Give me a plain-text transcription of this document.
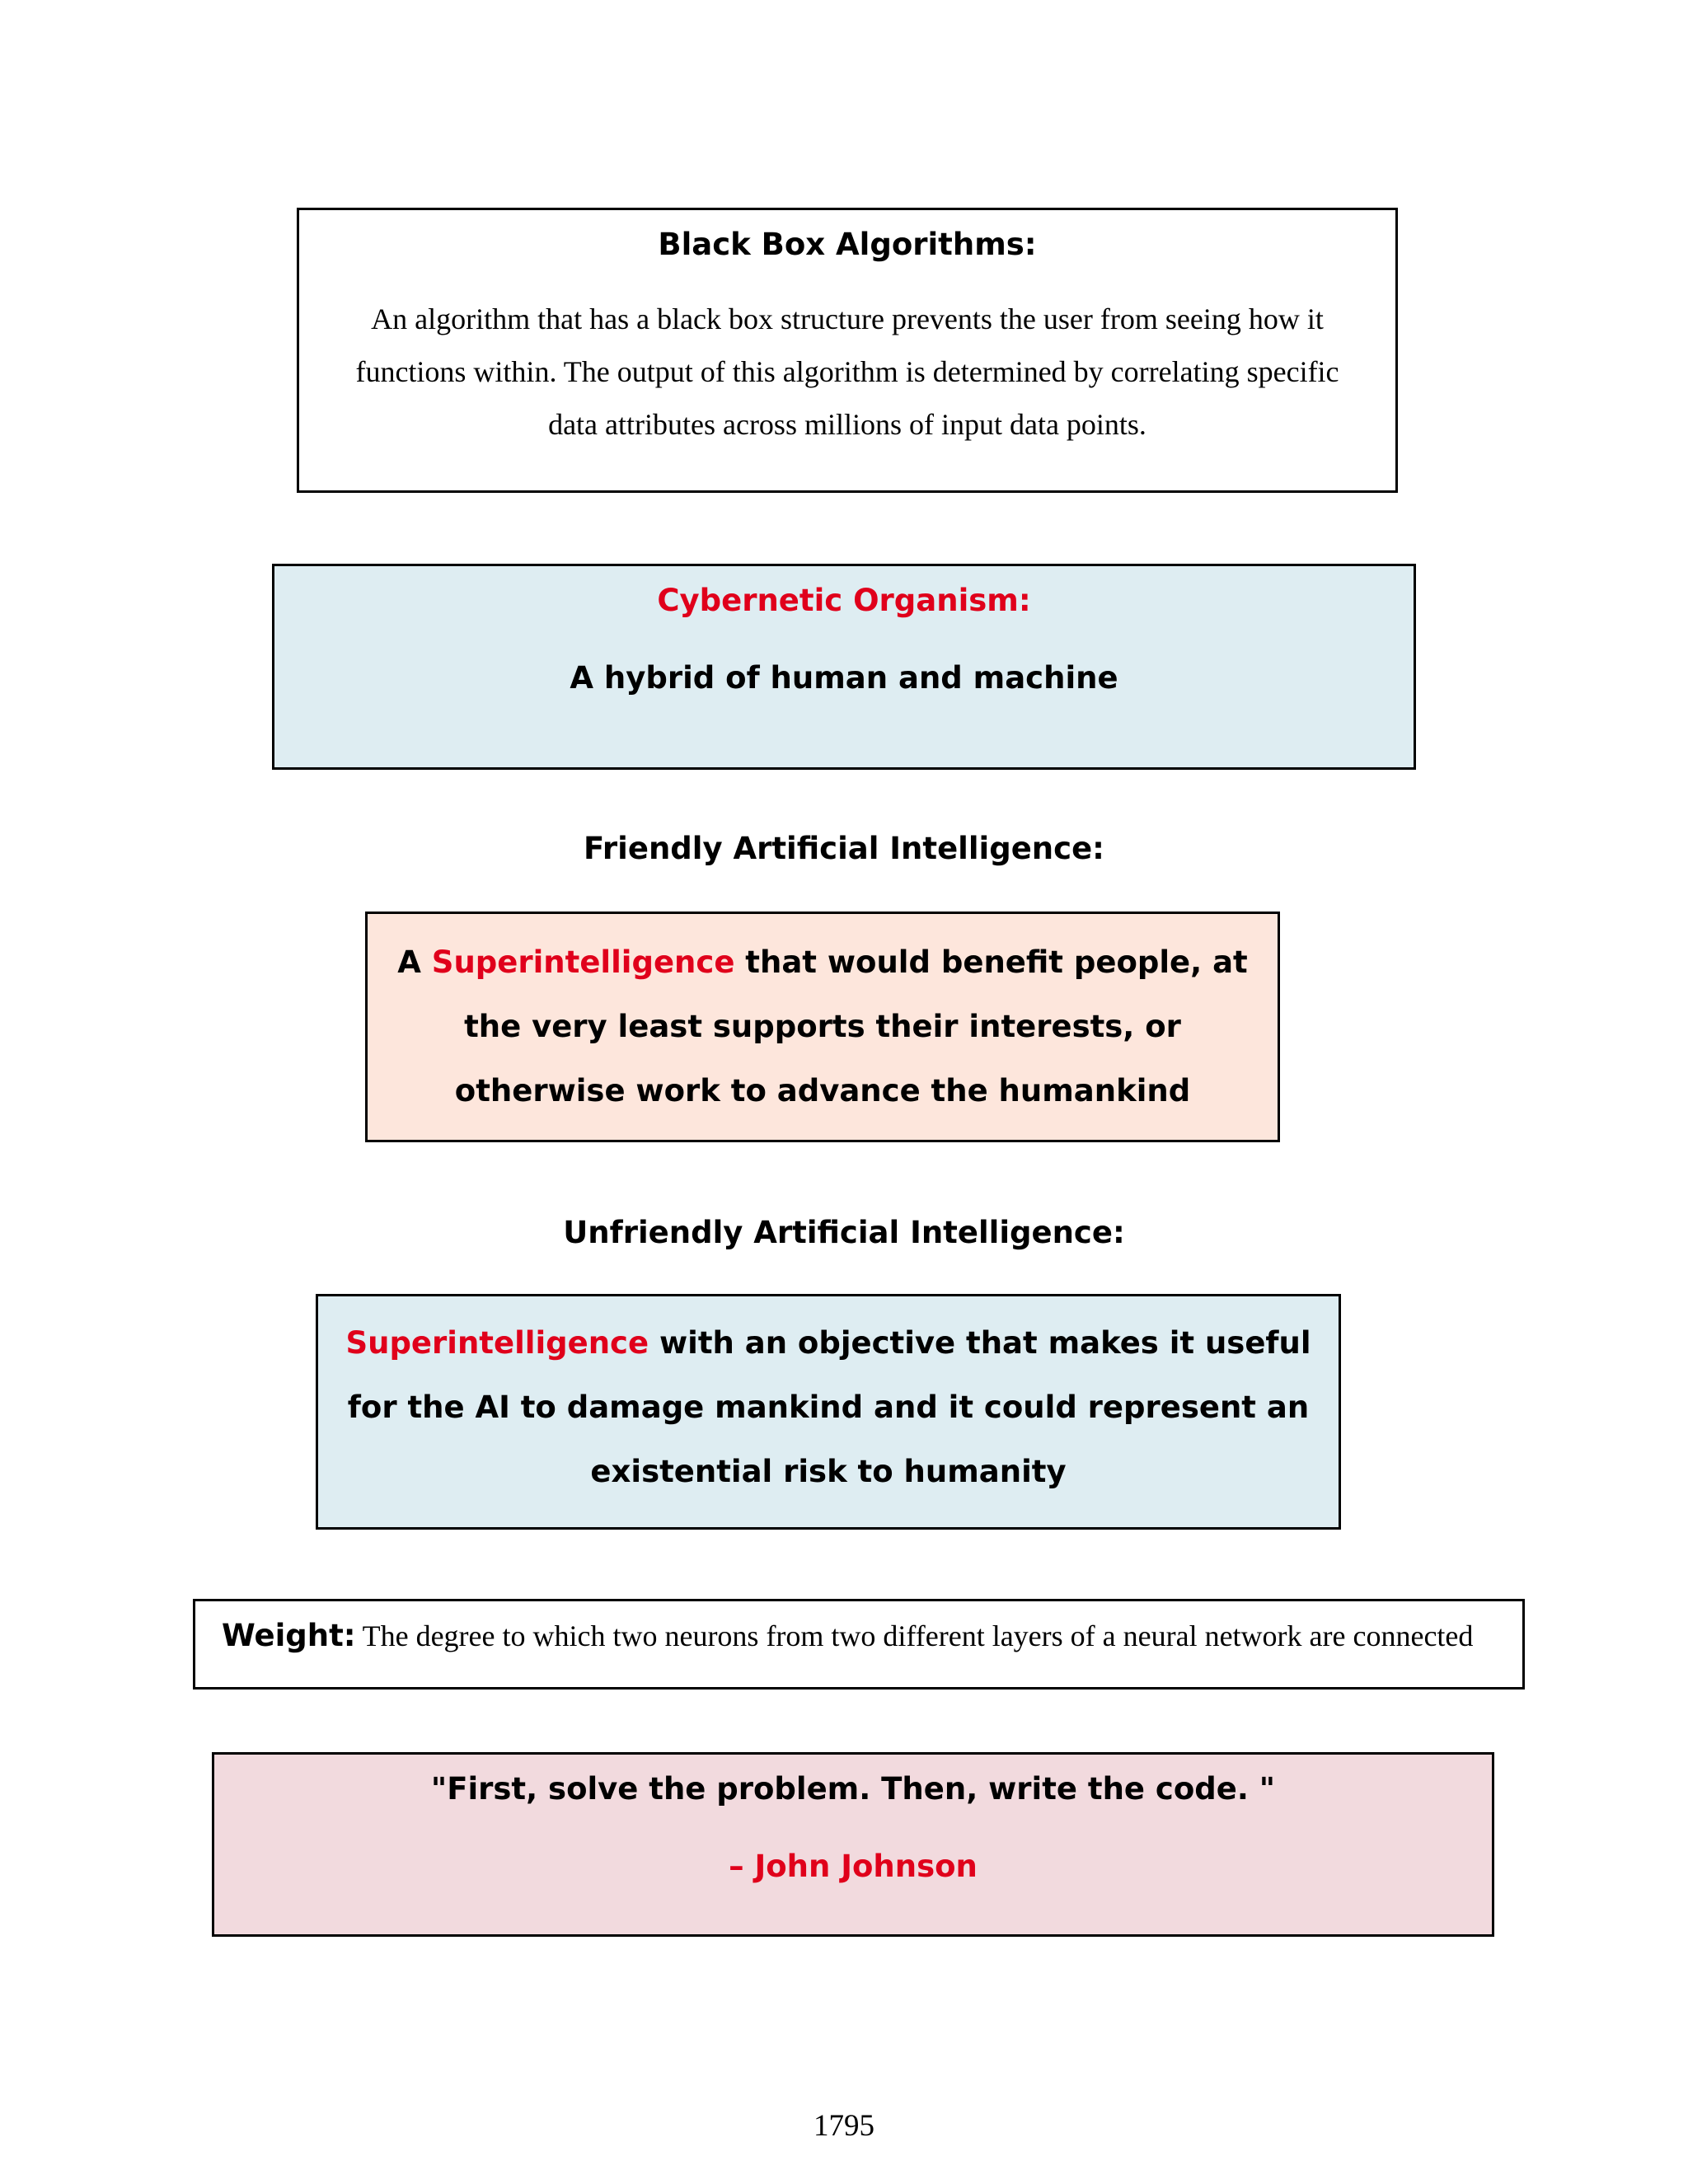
Black Box Algorithms:
An algorithm that has a black box structure prevents the user from seeing how it functions within. The output of this algorithm is determined by correlating specific data attributes across millions of input data points.
Cybernetic Organism:
A hybrid of human and machine
Friendly Artificial Intelligence:
A Superintelligence that would benefit people, at the very least supports their interests, or otherwise work to advance the humankind
Unfriendly Artificial Intelligence:
Superintelligence with an objective that makes it useful for the AI to damage mankind and it could represent an existential risk to humanity
Weight: The degree to which two neurons from two different layers of a neural network are connected
"First, solve the problem. Then, write the code. "
– John Johnson
1795
